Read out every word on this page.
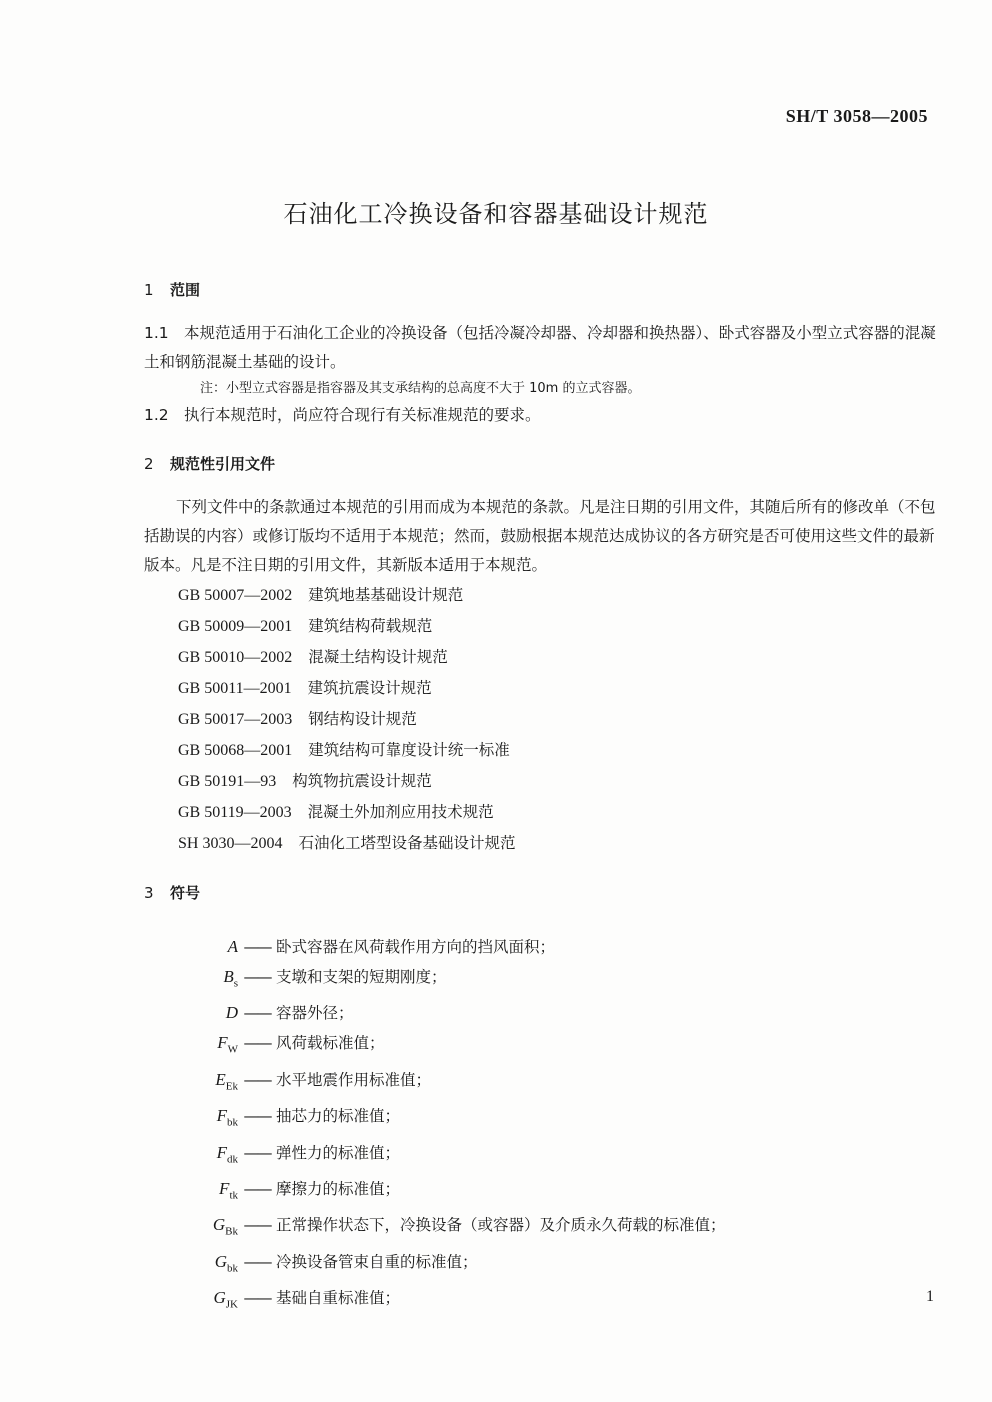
SH/T 3058—2005
石油化工冷换设备和容器基础设计规范
1 范围

1.1 本规范适用于石油化工企业的冷换设备（包括冷凝冷却器、冷却器和换热器）、卧式容器及小型立式容器的混凝土和钢筋混凝土基础的设计。

注：小型立式容器是指容器及其支承结构的总高度不大于 10m 的立式容器。

1.2 执行本规范时，尚应符合现行有关标准规范的要求。

2 规范性引用文件

下列文件中的条款通过本规范的引用而成为本规范的条款。凡是注日期的引用文件，其随后所有的修改单（不包括勘误的内容）或修订版均不适用于本规范；然而，鼓励根据本规范达成协议的各方研究是否可使用这些文件的最新版本。凡是不注日期的引用文件，其新版本适用于本规范。

GB 50007—2002 建筑地基基础设计规范
GB 50009—2001 建筑结构荷载规范
GB 50010—2002 混凝土结构设计规范
GB 50011—2001 建筑抗震设计规范
GB 50017—2003 钢结构设计规范
GB 50068—2001 建筑结构可靠度设计统一标准
GB 50191—93 构筑物抗震设计规范
GB 50119—2003 混凝土外加剂应用技术规范
SH 3030—2004 石油化工塔型设备基础设计规范
3 符号
A —— 卧式容器在风荷载作用方向的挡风面积；
$B_s$ —— 支墩和支架的短期刚度；
D —— 容器外径；
$F_W$ —— 风荷载标准值；
$E_{Ek}$ —— 水平地震作用标准值；
$F_{bk}$ —— 抽芯力的标准值；
$F_{dk}$ —— 弹性力的标准值；
$F_{tk}$ —— 摩擦力的标准值；
$G_{Bk}$ —— 正常操作状态下，冷换设备（或容器）及介质永久荷载的标准值；
$G_{bk}$ —— 冷换设备管束自重的标准值；
$G_{JK}$ —— 基础自重标准值；	1
